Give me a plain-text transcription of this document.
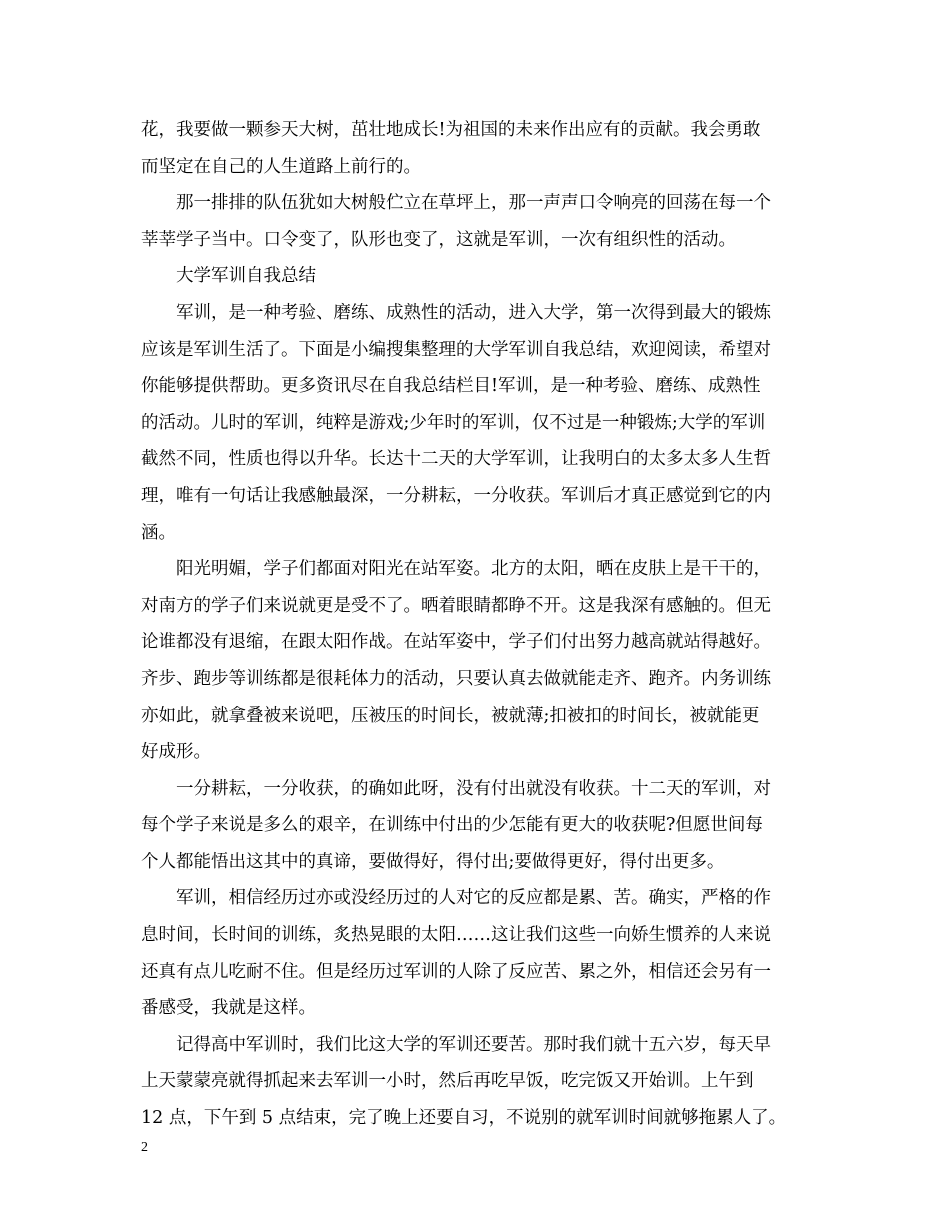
花，我要做一颗参天大树，茁壮地成长!为祖国的未来作出应有的贡献。我会勇敢
而坚定在自己的人生道路上前行的。
那一排排的队伍犹如大树般伫立在草坪上，那一声声口令响亮的回荡在每一个
莘莘学子当中。口令变了，队形也变了，这就是军训，一次有组织性的活动。
大学军训自我总结
军训，是一种考验、磨练、成熟性的活动，进入大学，第一次得到最大的锻炼
应该是军训生活了。下面是小编搜集整理的大学军训自我总结，欢迎阅读，希望对
你能够提供帮助。更多资讯尽在自我总结栏目!军训，是一种考验、磨练、成熟性
的活动。儿时的军训，纯粹是游戏;少年时的军训，仅不过是一种锻炼;大学的军训
截然不同，性质也得以升华。长达十二天的大学军训，让我明白的太多太多人生哲
理，唯有一句话让我感触最深，一分耕耘，一分收获。军训后才真正感觉到它的内
涵。
阳光明媚，学子们都面对阳光在站军姿。北方的太阳，晒在皮肤上是干干的，
对南方的学子们来说就更是受不了。晒着眼睛都睁不开。这是我深有感触的。但无
论谁都没有退缩，在跟太阳作战。在站军姿中，学子们付出努力越高就站得越好。
齐步、跑步等训练都是很耗体力的活动，只要认真去做就能走齐、跑齐。内务训练
亦如此，就拿叠被来说吧，压被压的时间长，被就薄;扣被扣的时间长，被就能更
好成形。
一分耕耘，一分收获，的确如此呀，没有付出就没有收获。十二天的军训，对
每个学子来说是多么的艰辛，在训练中付出的少怎能有更大的收获呢?但愿世间每
个人都能悟出这其中的真谛，要做得好，得付出;要做得更好，得付出更多。
军训，相信经历过亦或没经历过的人对它的反应都是累、苦。确实，严格的作
息时间，长时间的训练，炙热晃眼的太阳……这让我们这些一向娇生惯养的人来说
还真有点儿吃耐不住。但是经历过军训的人除了反应苦、累之外，相信还会另有一
番感受，我就是这样。
记得高中军训时，我们比这大学的军训还要苦。那时我们就十五六岁，每天早
上天蒙蒙亮就得抓起来去军训一小时，然后再吃早饭，吃完饭又开始训。上午到
12 点，下午到 5 点结束，完了晚上还要自习，不说别的就军训时间就够拖累人了。
2
